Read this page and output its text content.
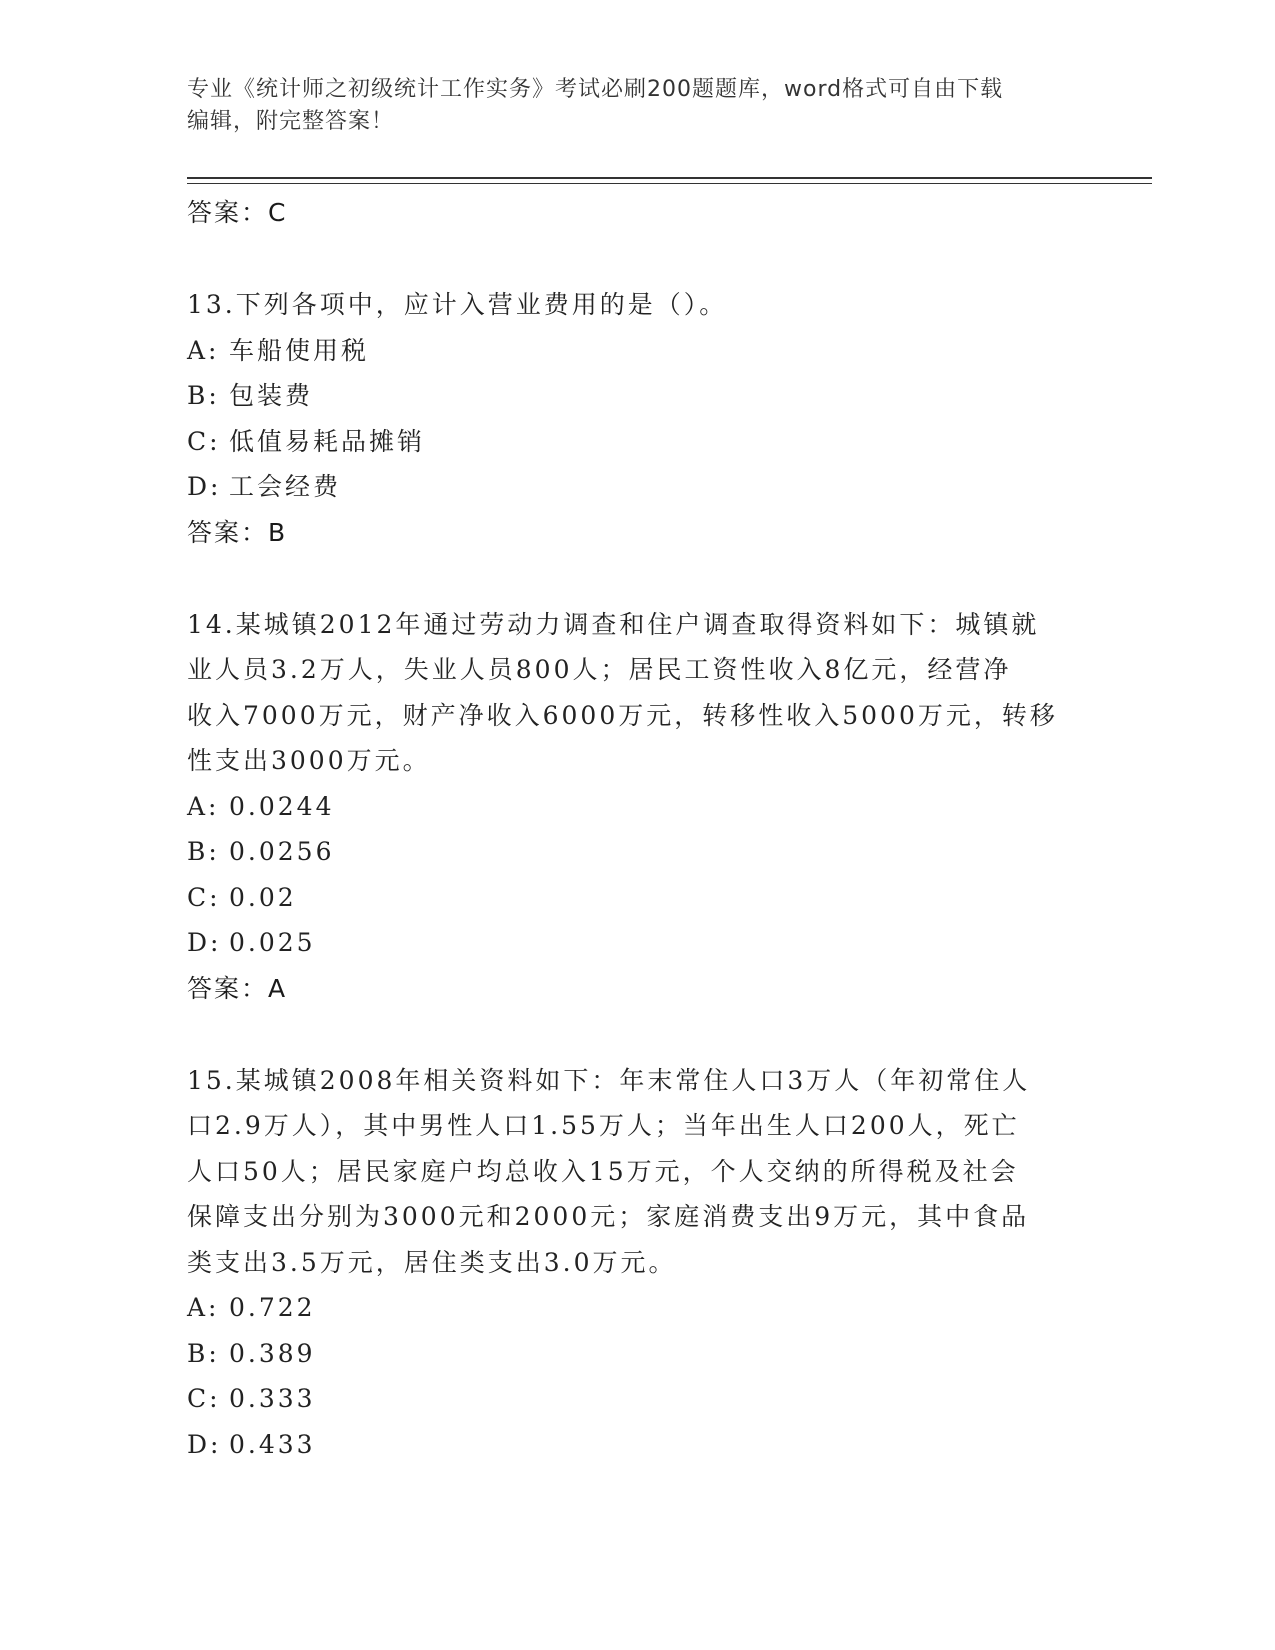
专业《统计师之初级统计工作实务》考试必刷200题题库，word格式可自由下载
编辑，附完整答案！
答案：C
13.下列各项中，应计入营业费用的是（）。
A: 车船使用税
B: 包装费
C: 低值易耗品摊销
D: 工会经费
答案：B
14.某城镇2012年通过劳动力调查和住户调查取得资料如下：城镇就
业人员3.2万人，失业人员800人；居民工资性收入8亿元，经营净
收入7000万元，财产净收入6000万元，转移性收入5000万元，转移
性支出3000万元。
A: 0.0244
B: 0.0256
C: 0.02
D: 0.025
答案：A
15.某城镇2008年相关资料如下：年末常住人口3万人（年初常住人
口2.9万人），其中男性人口1.55万人；当年出生人口200人，死亡
人口50人；居民家庭户均总收入15万元，个人交纳的所得税及社会
保障支出分别为3000元和2000元；家庭消费支出9万元，其中食品
类支出3.5万元，居住类支出3.0万元。
A: 0.722
B: 0.389
C: 0.333
D: 0.433
